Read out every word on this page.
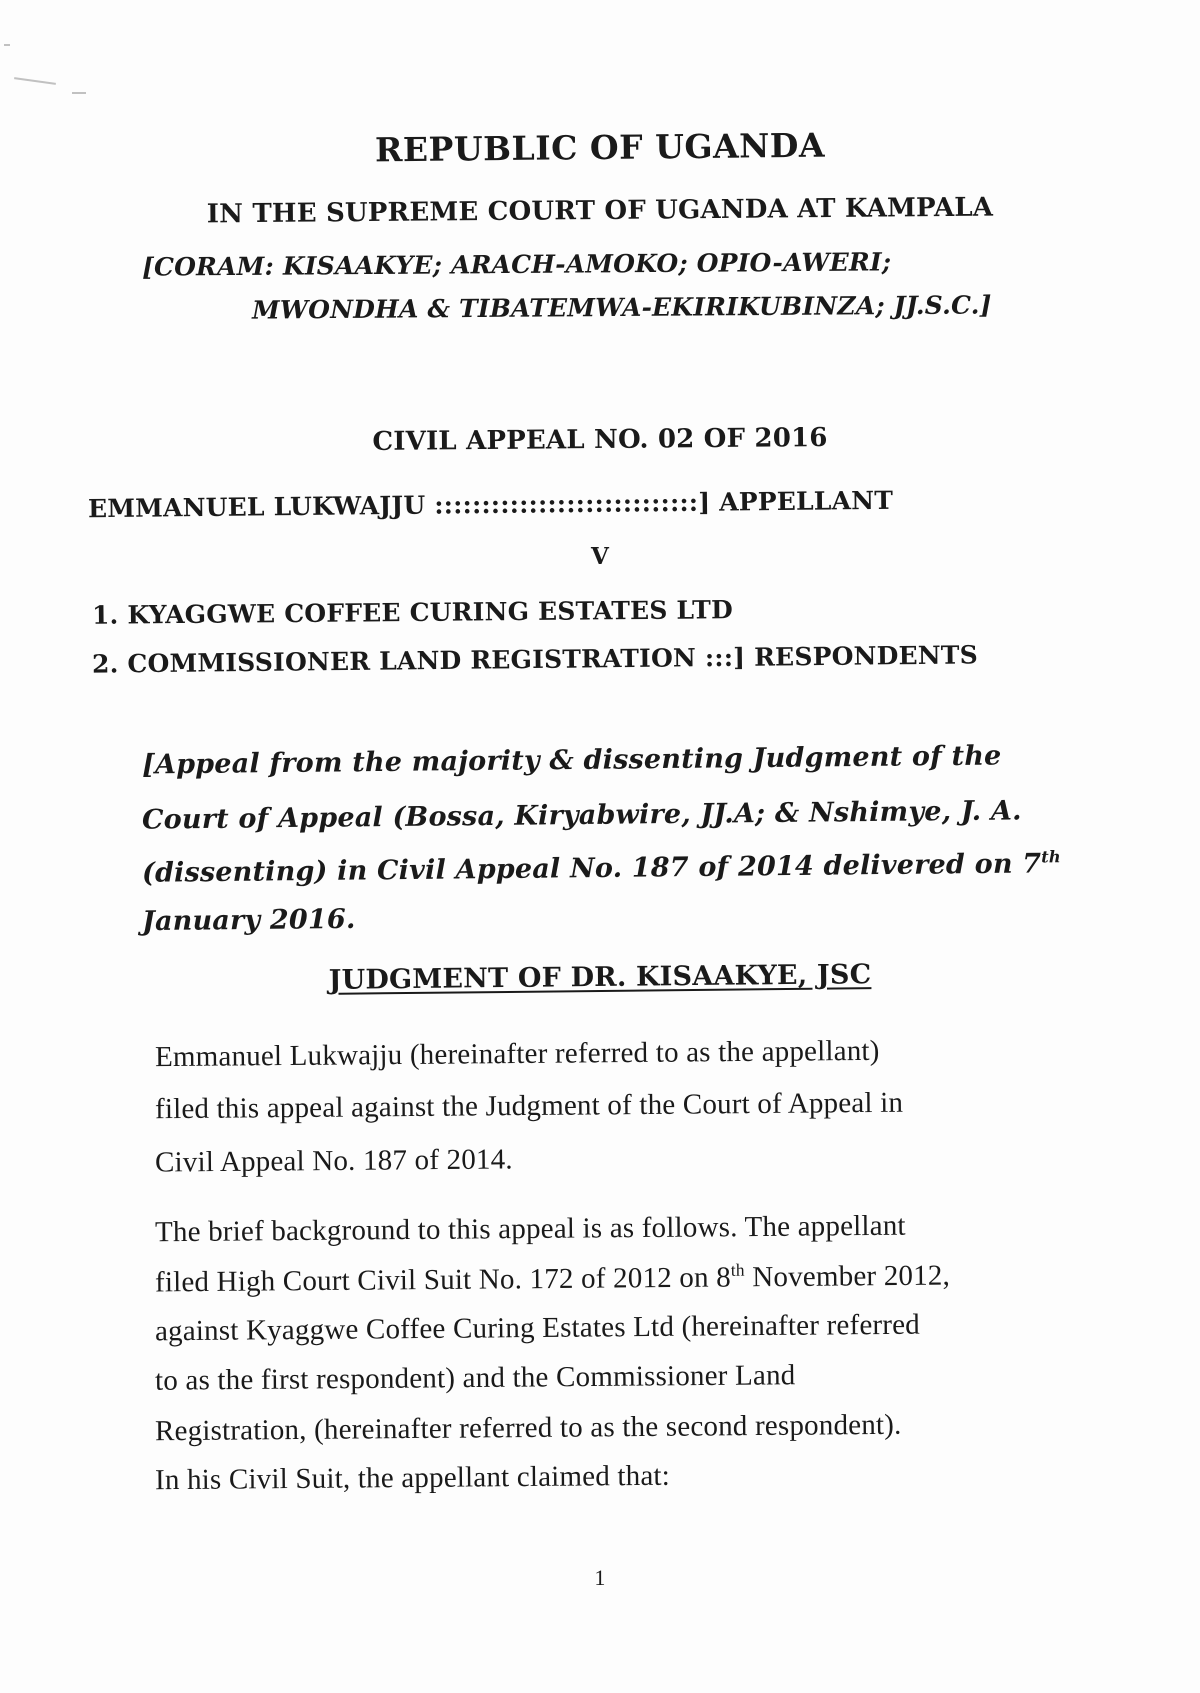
REPUBLIC OF UGANDA
IN THE SUPREME COURT OF UGANDA AT KAMPALA
[CORAM: KISAAKYE; ARACH-AMOKO; OPIO-AWERI;
MWONDHA & TIBATEMWA-EKIRIKUBINZA; JJ.S.C.]
CIVIL APPEAL NO. 02 OF 2016
EMMANUEL LUKWAJJU ::::::::::::::::::::::::::::] APPELLANT
V
1. KYAGGWE COFFEE CURING ESTATES LTD
2. COMMISSIONER LAND REGISTRATION :::] RESPONDENTS
[Appeal from the majority & dissenting Judgment of the
Court of Appeal (Bossa, Kiryabwire, JJ.A; & Nshimye, J. A.
(dissenting) in Civil Appeal No. 187 of 2014 delivered on 7th
January 2016.
JUDGMENT OF DR. KISAAKYE, JSC
Emmanuel Lukwajju (hereinafter referred to as the appellant)
filed this appeal against the Judgment of the Court of Appeal in
Civil Appeal No. 187 of 2014.
The brief background to this appeal is as follows. The appellant
filed High Court Civil Suit No. 172 of 2012 on 8th November 2012,
against Kyaggwe Coffee Curing Estates Ltd (hereinafter referred
to as the first respondent) and the Commissioner Land
Registration, (hereinafter referred to as the second respondent).
In his Civil Suit, the appellant claimed that:
1
